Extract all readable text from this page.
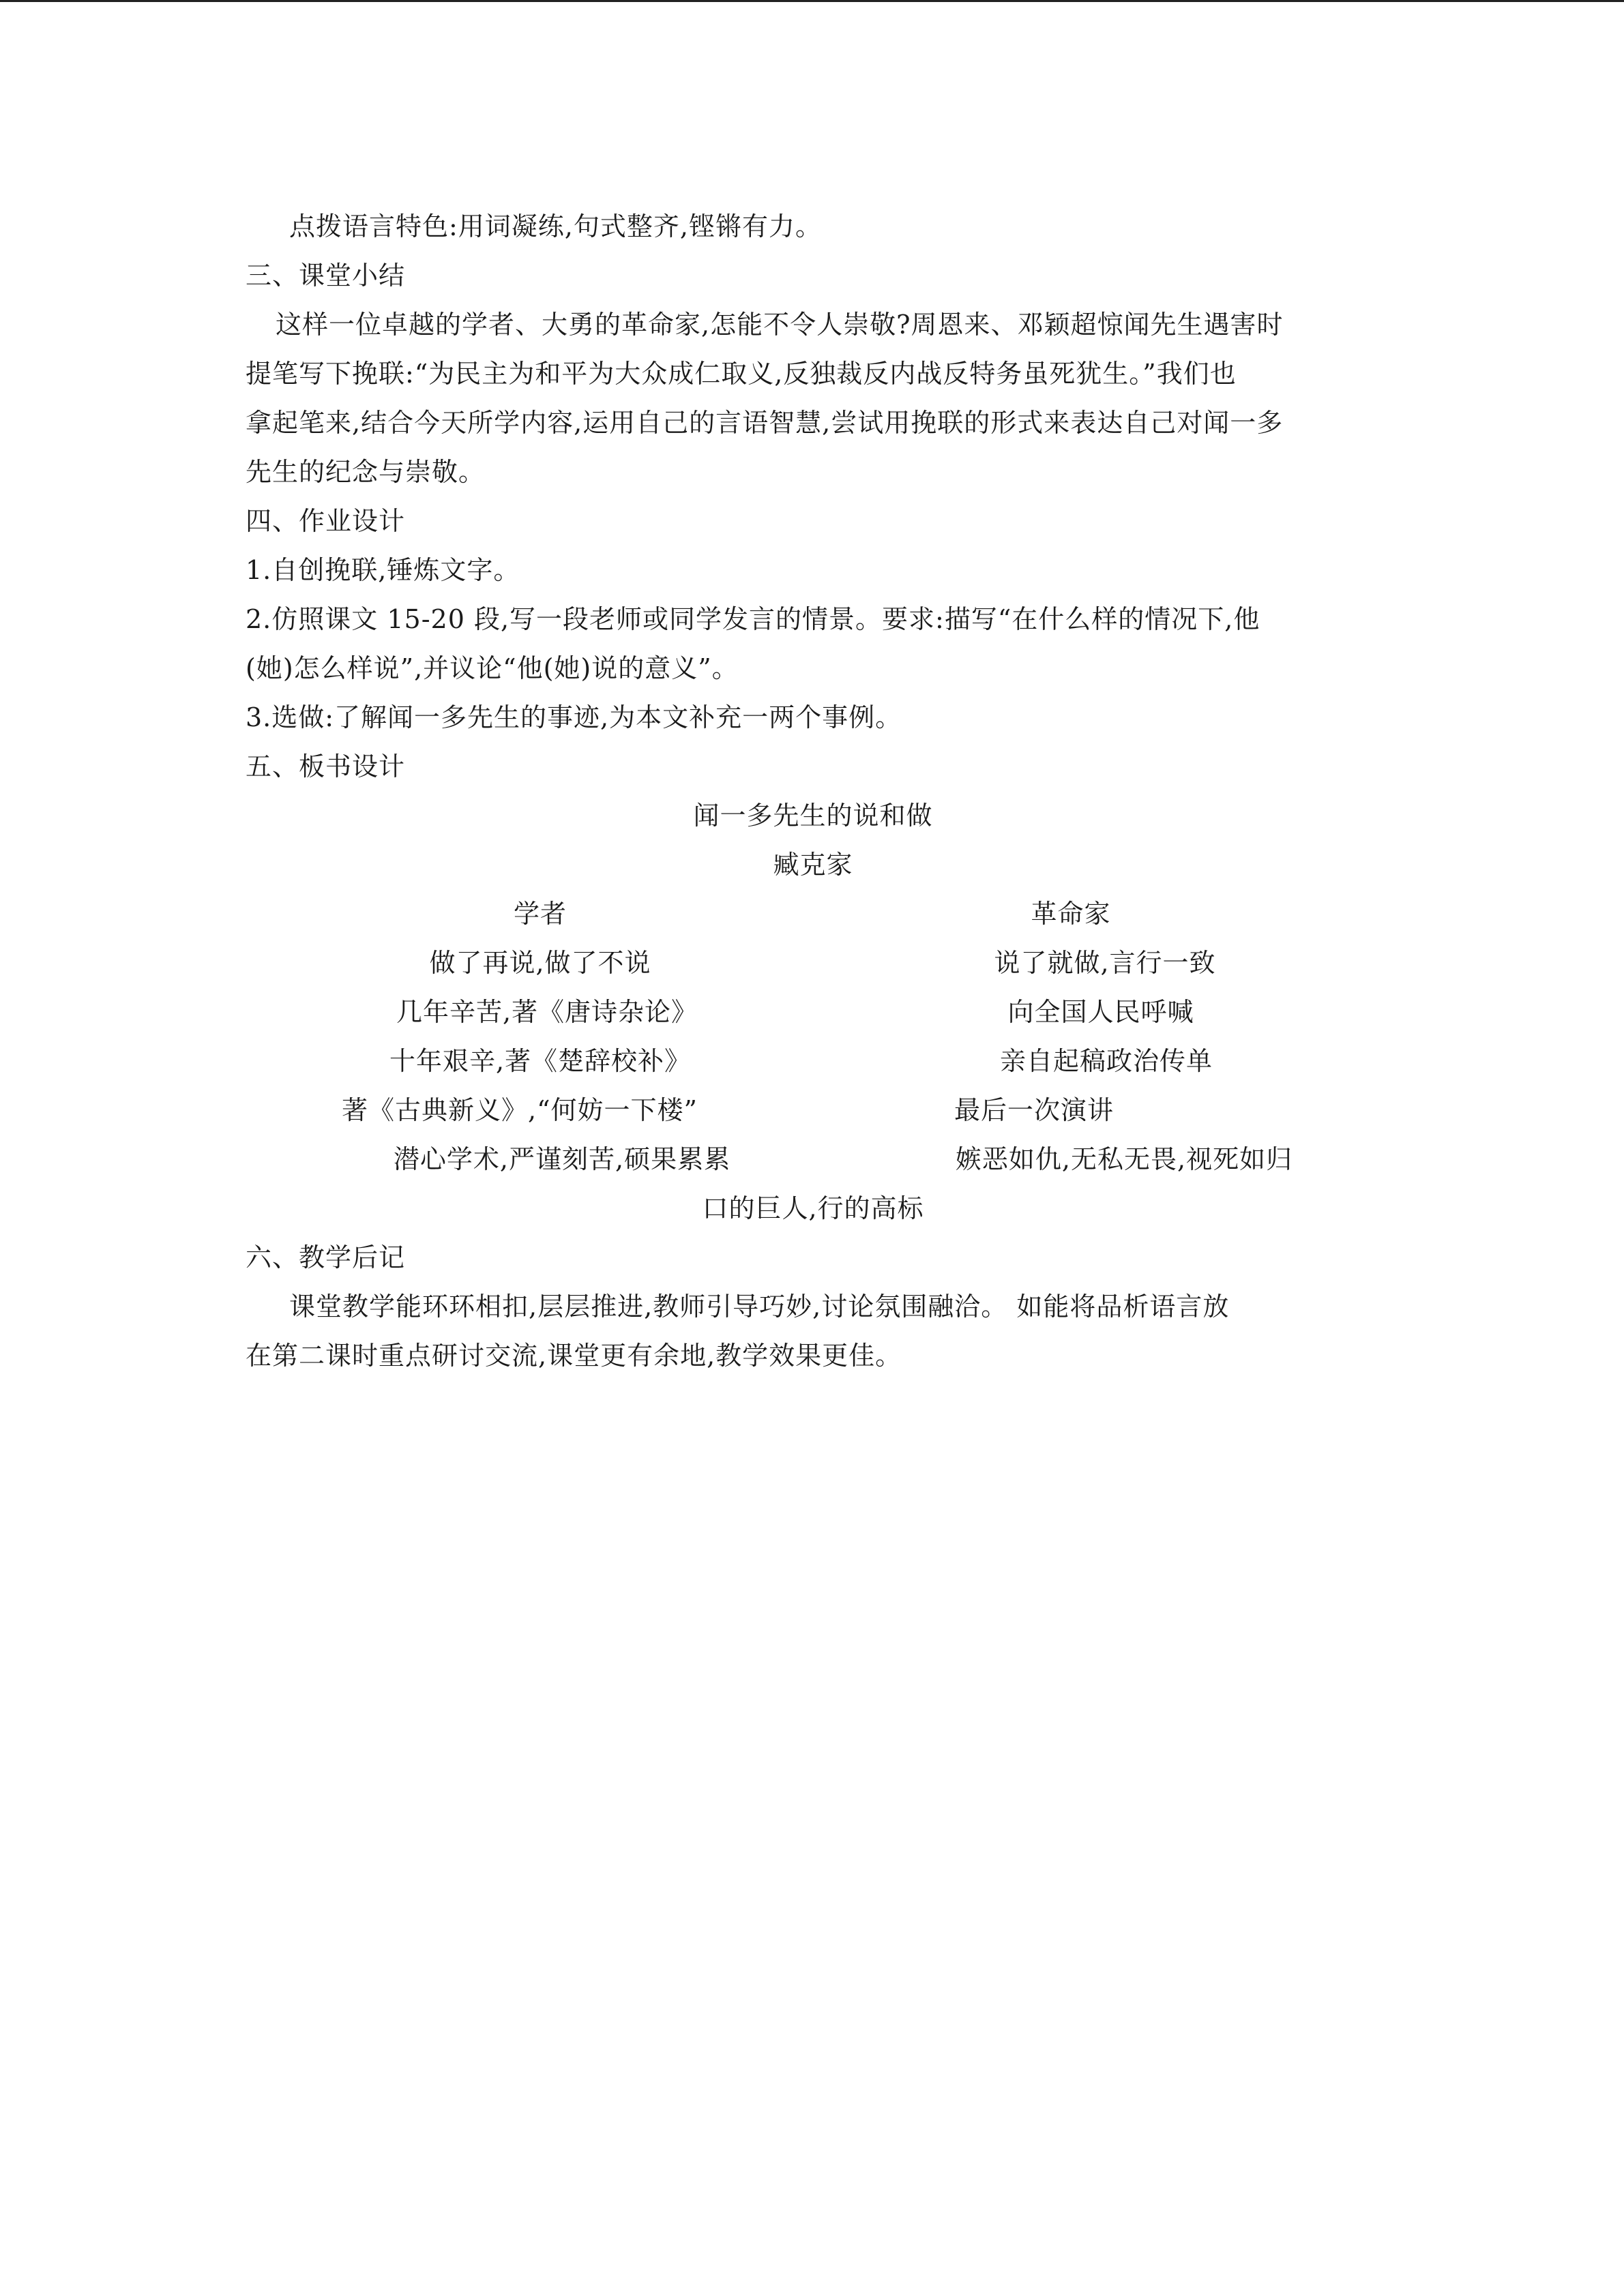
点拨语言特色:用词凝练,句式整齐,铿锵有力。
三、课堂小结
这样一位卓越的学者、大勇的革命家,怎能不令人崇敬?周恩来、邓颖超惊闻先生遇害时
提笔写下挽联:“为民主为和平为大众成仁取义,反独裁反内战反特务虽死犹生。”我们也
拿起笔来,结合今天所学内容,运用自己的言语智慧,尝试用挽联的形式来表达自己对闻一多
先生的纪念与崇敬。
四、作业设计
1.自创挽联,锤炼文字。
2.仿照课文 15-20 段,写一段老师或同学发言的情景。要求:描写“在什么样的情况下,他
(她)怎么样说”,并议论“他(她)说的意义”。
3.选做:了解闻一多先生的事迹,为本文补充一两个事例。
五、板书设计
闻一多先生的说和做
臧克家
学者	革命家
做了再说,做了不说
几年辛苦,著《唐诗杂论》
十年艰辛,著《楚辞校补》
著《古典新义》,“何妨一下楼”
潜心学术,严谨刻苦,硕果累累
说了就做,言行一致
向全国人民呼喊
亲自起稿政治传单
最后一次演讲
嫉恶如仇,无私无畏,视死如归
口的巨人,行的高标
六、教学后记
课堂教学能环环相扣,层层推进,教师引导巧妙,讨论氛围融洽。 如能将品析语言放
在第二课时重点研讨交流,课堂更有余地,教学效果更佳。
